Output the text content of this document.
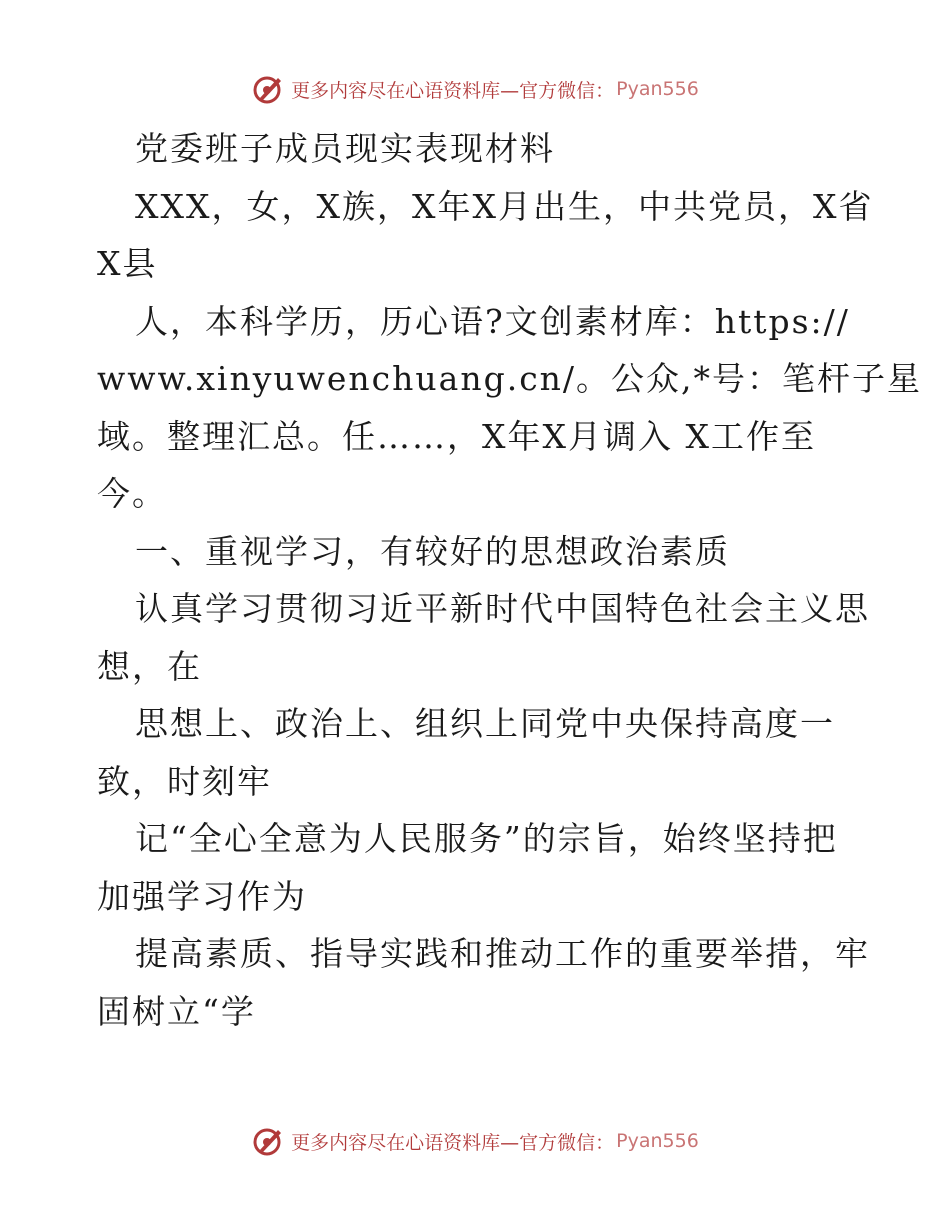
更多内容尽在心语资料库—官方微信： Pyan556
党委班子成员现实表现材料
XXX，女，X族，X年X月出生，中共党员，X省
X县
人，本科学历，历心语?文创素材库：https://
www.xinyuwenchuang.cn/。公众,*号：笔杆子星
域。整理汇总。任……，X年X月调入 X工作至
今。
一、重视学习，有较好的思想政治素质
认真学习贯彻习近平新时代中国特色社会主义思
想，在
思想上、政治上、组织上同党中央保持高度一
致，时刻牢
记“全心全意为人民服务”的宗旨，始终坚持把
加强学习作为
提高素质、指导实践和推动工作的重要举措，牢
固树立“学
更多内容尽在心语资料库—官方微信： Pyan556
